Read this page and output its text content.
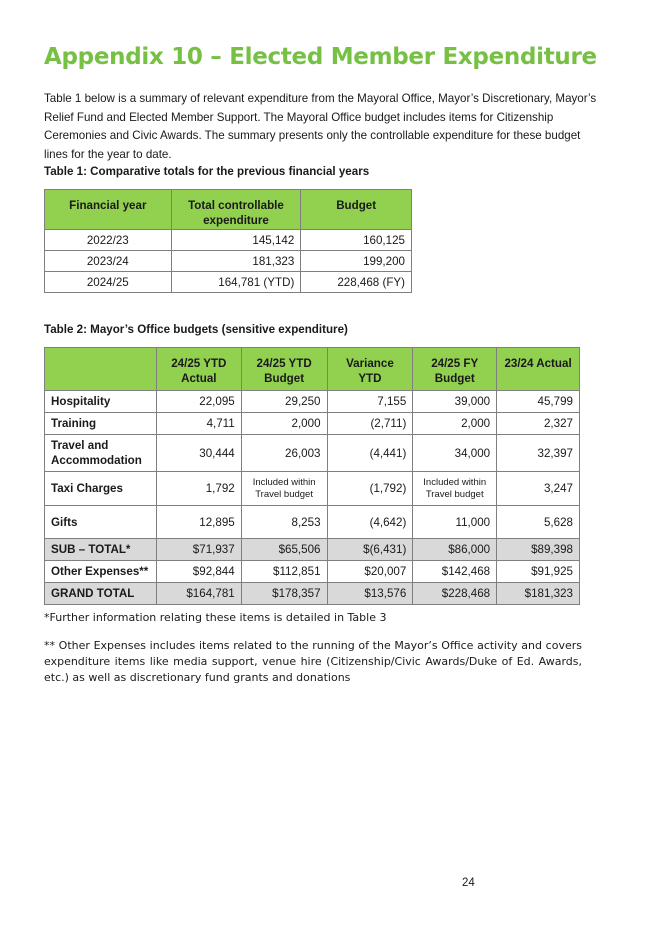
Appendix 10 – Elected Member Expenditure
Table 1 below is a summary of relevant expenditure from the Mayoral Office, Mayor’s Discretionary, Mayor’s Relief Fund and Elected Member Support. The Mayoral Office budget includes items for Citizenship Ceremonies and Civic Awards. The summary presents only the controllable expenditure for these budget lines for the year to date.
Table 1: Comparative totals for the previous financial years
Financial year	Total controllable expenditure	Budget
2022/23	145,142	160,125
2023/24	181,323	199,200
2024/25	164,781 (YTD)	228,468 (FY)
Table 2: Mayor’s Office budgets (sensitive expenditure)
	24/25 YTD Actual	24/25 YTD Budget	Variance YTD	24/25 FY Budget	23/24 Actual
Hospitality	22,095	29,250	7,155	39,000	45,799
Training	4,711	2,000	(2,711)	2,000	2,327
Travel and Accommodation	30,444	26,003	(4,441)	34,000	32,397
Taxi Charges	1,792	Included within Travel budget	(1,792)	Included within Travel budget	3,247
Gifts	12,895	8,253	(4,642)	11,000	5,628
SUB – TOTAL*	$71,937	$65,506	$(6,431)	$86,000	$89,398
Other Expenses**	$92,844	$112,851	$20,007	$142,468	$91,925
GRAND TOTAL	$164,781	$178,357	$13,576	$228,468	$181,323
*Further information relating these items is detailed in Table 3
** Other Expenses includes items related to the running of the Mayor’s Office activity and covers expenditure items like media support, venue hire (Citizenship/Civic Awards/Duke of Ed. Awards, etc.) as well as discretionary fund grants and donations
24
